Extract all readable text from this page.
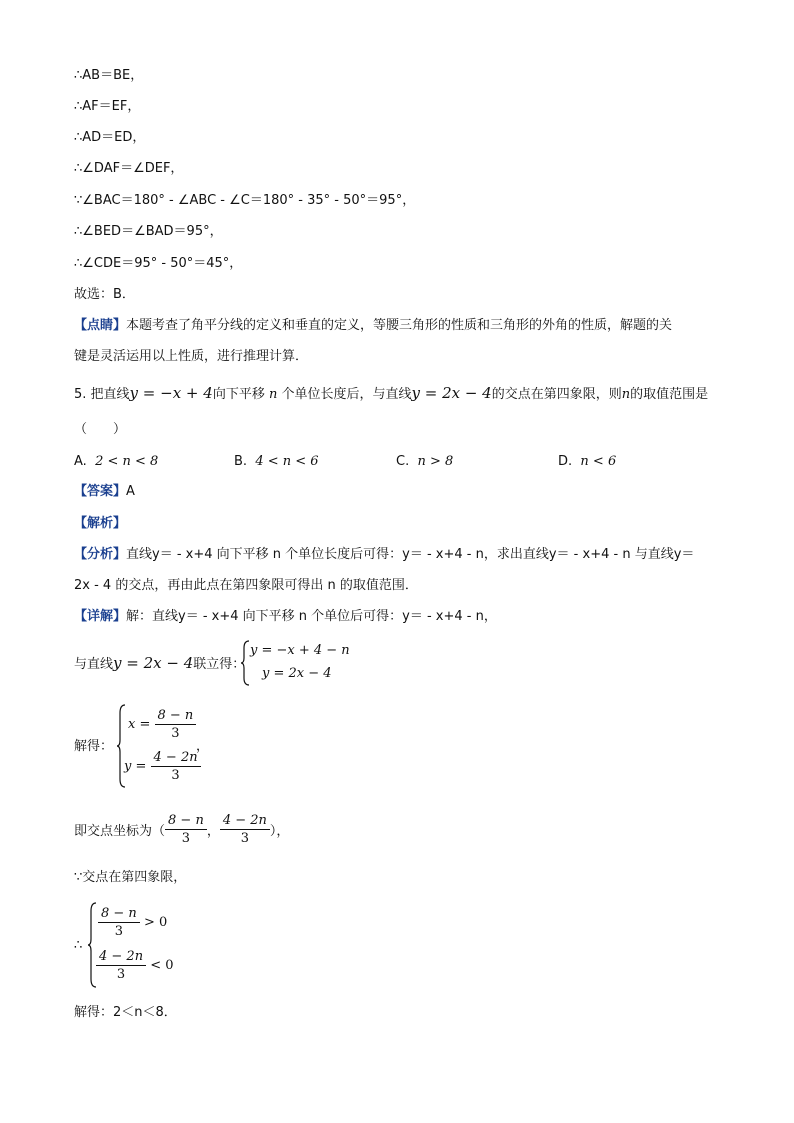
∴AB＝BE，
∴AF＝EF，
∴AD＝ED，
∴∠DAF＝∠DEF，
∵∠BAC＝180° - ∠ABC - ∠C＝180° - 35° - 50°＝95°，
∴∠BED＝∠BAD＝95°，
∴∠CDE＝95° - 50°＝45°，
故选：B．
【点睛】本题考查了角平分线的定义和垂直的定义，等腰三角形的性质和三角形的外角的性质，解题的关
键是灵活运用以上性质，进行推理计算．
5. 把直线y = −x + 4向下平移 n 个单位长度后，与直线y = 2x − 4的交点在第四象限，则n的取值范围是
（　　）
A. 2 < n < 8	B. 4 < n < 6	C. n > 8	D. n < 6
【答案】A
【解析】
【分析】直线y＝ - x+4 向下平移 n 个单位长度后可得：y＝ - x+4 - n，求出直线y＝ - x+4 - n 与直线y＝
2x - 4 的交点，再由此点在第四象限可得出 n 的取值范围．
【详解】解：直线y＝ - x+4 向下平移 n 个单位后可得：y＝ - x+4 - n，
与直线y = 2x − 4联立得：
y = −x + 4 − n
y = 2x − 4
解得：
$x = \frac{8 - n}{3}$
$y = \frac{4 - 2n}{3}$
，
即交点坐标为（ $\frac{8 - n}{3}$ ， $\frac{4 - 2n}{3}$ ），
∵交点在第四象限，
∴
$\frac{8 - n}{3} > 0$
$\frac{4 - 2n}{3} < 0$
解得：2＜n＜8．
